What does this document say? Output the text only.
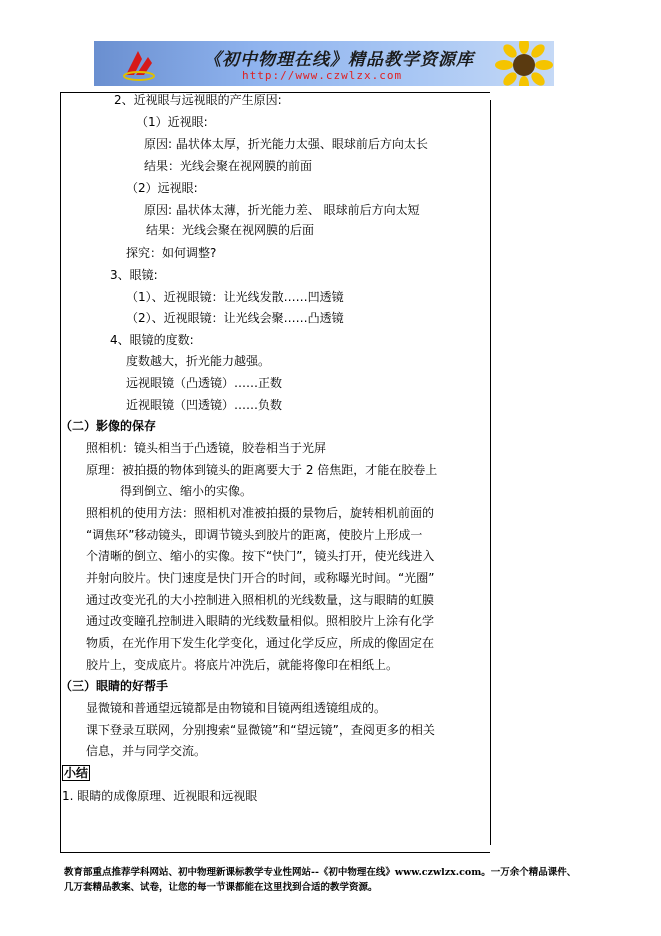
《初中物理在线》精品教学资源库
http://www.czwlzx.com
2、近视眼与远视眼的产生原因:
（1）近视眼:
原因: 晶状体太厚，折光能力太强、眼球前后方向太长
结果：光线会聚在视网膜的前面
（2）远视眼:
原因: 晶状体太薄，折光能力差、 眼球前后方向太短
结果：光线会聚在视网膜的后面
探究：如何调整?
3、眼镜:
（1）、近视眼镜：让光线发散……凹透镜
（2）、近视眼镜：让光线会聚……凸透镜
4、眼镜的度数:
度数越大，折光能力越强。
远视眼镜（凸透镜）……正数
近视眼镜（凹透镜）……负数
（二）影像的保存
照相机：镜头相当于凸透镜，胶卷相当于光屏
原理：被拍摄的物体到镜头的距离要大于 2 倍焦距，才能在胶卷上
得到倒立、缩小的实像。
照相机的使用方法：照相机对准被拍摄的景物后，旋转相机前面的
“调焦环”移动镜头，即调节镜头到胶片的距离，使胶片上形成一
个清晰的倒立、缩小的实像。按下“快门”，镜头打开，使光线进入
并射向胶片。快门速度是快门开合的时间，或称曝光时间。“光圈”
通过改变光孔的大小控制进入照相机的光线数量，这与眼睛的虹膜
通过改变瞳孔控制进入眼睛的光线数量相似。照相胶片上涂有化学
物质，在光作用下发生化学变化，通过化学反应，所成的像固定在
胶片上，变成底片。将底片冲洗后，就能将像印在相纸上。
（三）眼睛的好帮手
显微镜和普通望远镜都是由物镜和目镜两组透镜组成的。
课下登录互联网，分别搜索“显微镜”和“望远镜”，查阅更多的相关
信息，并与同学交流。
1. 眼睛的成像原理、近视眼和远视眼
小结
教育部重点推荐学科网站、初中物理新课标教学专业性网站--《初中物理在线》www.czwlzx.com。一万余个精品课件、
几万套精品教案、试卷，让您的每一节课都能在这里找到合适的教学资源。
